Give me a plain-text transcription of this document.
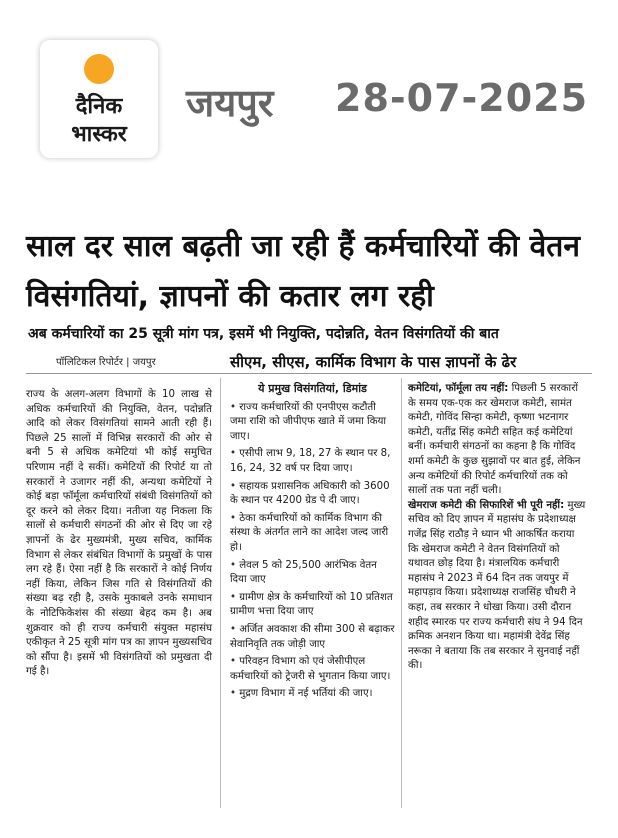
दैनिक
भास्कर
जयपुर 28-07-2025
साल दर साल बढ़ती जा रही हैं कर्मचारियों की वेतन विसंगतियां, ज्ञापनों की कतार लग रही
अब कर्मचारियों का 25 सूत्री मांग पत्र, इसमें भी नियुक्ति, पदोन्नति, वेतन विसंगतियों की बात
पॉलिटिकल रिपोर्टर | जयपुर	सीएम, सीएस, कार्मिक विभाग के पास ज्ञापनों के ढेर

राज्य के अलग-अलग विभागों के 10 लाख से अधिक कर्मचारियों की नियुक्ति, वेतन, पदोन्नति आदि को लेकर विसंगतियां सामने आती रही हैं। पिछले 25 सालों में विभिन्न सरकारों की ओर से बनी 5 से अधिक कमेटियां भी कोई समुचित परिणाम नहीं दे सकीं। कमेटियों की रिपोर्ट या तो सरकारों ने उजागर नहीं की, अन्यथा कमेटियों ने कोई बड़ा फॉर्मूला कर्मचारियों संबंधी विसंगतियों को दूर करने को लेकर दिया। नतीजा यह निकला कि सालों से कर्मचारी संगठनों की ओर से दिए जा रहे ज्ञापनों के ढेर मुख्यमंत्री, मुख्य सचिव, कार्मिक विभाग से लेकर संबंधित विभागों के प्रमुखों के पास लग रहे हैं। ऐसा नहीं है कि सरकारों ने कोई निर्णय नहीं किया, लेकिन जिस गति से विसंगतियों की संख्या बढ़ रही है, उसके मुकाबले उनके समाधान के नोटिफिकेशंस की संख्या बेहद कम है। अब शुक्रवार को ही राज्य कर्मचारी संयुक्त महासंघ एकीकृत ने 25 सूत्री मांग पत्र का ज्ञापन मुख्यसचिव को सौंपा है। इसमें भी विसंगतियों को प्रमुखता दी गई है।

ये प्रमुख विसंगतियां, डिमांड
• राज्य कर्मचारियों की एनपीएस कटौती जमा राशि को जीपीएफ खाते में जमा किया जाए।
• एसीपी लाभ 9, 18, 27 के स्थान पर 8, 16, 24, 32 वर्ष पर दिया जाए।
• सहायक प्रशासनिक अधिकारी को 3600 के स्थान पर 4200 ग्रेड पे दी जाए।
• ठेका कर्मचारियों को कार्मिक विभाग की संस्था के अंतर्गत लाने का आदेश जल्द जारी हो।
• लेवल 5 को 25,500 आरंभिक वेतन दिया जाए
• ग्रामीण क्षेत्र के कर्मचारियों को 10 प्रतिशत ग्रामीण भत्ता दिया जाए
• अर्जित अवकाश की सीमा 300 से बढ़ाकर सेवानिवृति तक जोड़ी जाए
• परिवहन विभाग को एवं जेसीपीएल कर्मचारियों को ट्रेजरी से भुगतान किया जाए।
• मुद्रण विभाग में नई भर्तियां की जाए।

कमेटियां, फॉर्मूला तय नहीं: पिछली 5 सरकारों के समय एक-एक कर खेमराज कमेटी, सामंत कमेटी, गोविंद सिन्हा कमेटी, कृष्णा भटनागर कमेटी, यतींद्र सिंह कमेटी सहित कई कमेटियां बनीं। कर्मचारी संगठनों का कहना है कि गोविंद शर्मा कमेटी के कुछ सुझावों पर बात हुई, लेकिन अन्य कमेटियों की रिपोर्ट कर्मचारियों तक को सालों तक पता नहीं चली।

खेमराज कमेटी की सिफारिशें भी पूरी नहीं: मुख्य सचिव को दिए ज्ञापन में महासंघ के प्रदेशाध्यक्ष गजेंद्र सिंह राठौड़ ने ध्यान भी आकर्षित कराया कि खेमराज कमेटी ने वेतन विसंगतियों को यथावत छोड़ दिया है। मंत्रालयिक कर्मचारी महासंघ ने 2023 में 64 दिन तक जयपुर में महापड़ाव किया। प्रदेशाध्यक्ष राजसिंह चौधरी ने कहा, तब सरकार ने धोखा किया। उसी दौरान शहीद स्मारक पर राज्य कर्मचारी संघ ने 94 दिन क्रमिक अनशन किया था। महामंत्री देवेंद्र सिंह नरूका ने बताया कि तब सरकार ने सुनवाई नहीं की।
